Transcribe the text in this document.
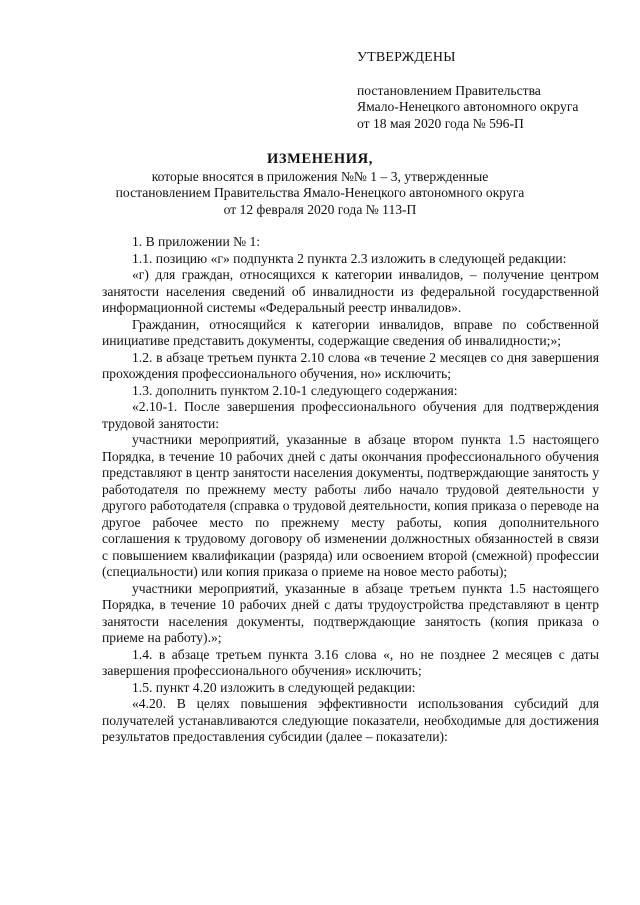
УТВЕРЖДЕНЫ
постановлением Правительства
Ямало-Ненецкого автономного округа
от 18 мая 2020 года № 596-П
ИЗМЕНЕНИЯ,
которые вносятся в приложения №№ 1 – 3, утвержденные
постановлением Правительства Ямало-Ненецкого автономного округа
от 12 февраля 2020 года № 113-П
1. В приложении № 1:
1.1. позицию «г» подпункта 2 пункта 2.3 изложить в следующей редакции:
«г) для граждан, относящихся к категории инвалидов, – получение центром занятости населения сведений об инвалидности из федеральной государственной информационной системы «Федеральный реестр инвалидов».
Гражданин, относящийся к категории инвалидов, вправе по собственной инициативе представить документы, содержащие сведения об инвалидности;»;
1.2. в абзаце третьем пункта 2.10 слова «в течение 2 месяцев со дня завершения прохождения профессионального обучения, но» исключить;
1.3. дополнить пунктом 2.10-1 следующего содержания:
«2.10-1. После завершения профессионального обучения для подтверждения трудовой занятости:
участники мероприятий, указанные в абзаце втором пункта 1.5 настоящего Порядка, в течение 10 рабочих дней с даты окончания профессионального обучения представляют в центр занятости населения документы, подтверждающие занятость у работодателя по прежнему месту работы либо начало трудовой деятельности у другого работодателя (справка о трудовой деятельности, копия приказа о переводе на другое рабочее место по прежнему месту работы, копия дополнительного соглашения к трудовому договору об изменении должностных обязанностей в связи с повышением квалификации (разряда) или освоением второй (смежной) профессии (специальности) или копия приказа о приеме на новое место работы);
участники мероприятий, указанные в абзаце третьем пункта 1.5 настоящего Порядка, в течение 10 рабочих дней с даты трудоустройства представляют в центр занятости населения документы, подтверждающие занятость (копия приказа о приеме на работу).»;
1.4. в абзаце третьем пункта 3.16 слова «, но не позднее 2 месяцев с даты завершения профессионального обучения» исключить;
1.5. пункт 4.20 изложить в следующей редакции:
«4.20. В целях повышения эффективности использования субсидий для получателей устанавливаются следующие показатели, необходимые для достижения результатов предоставления субсидии (далее – показатели):
